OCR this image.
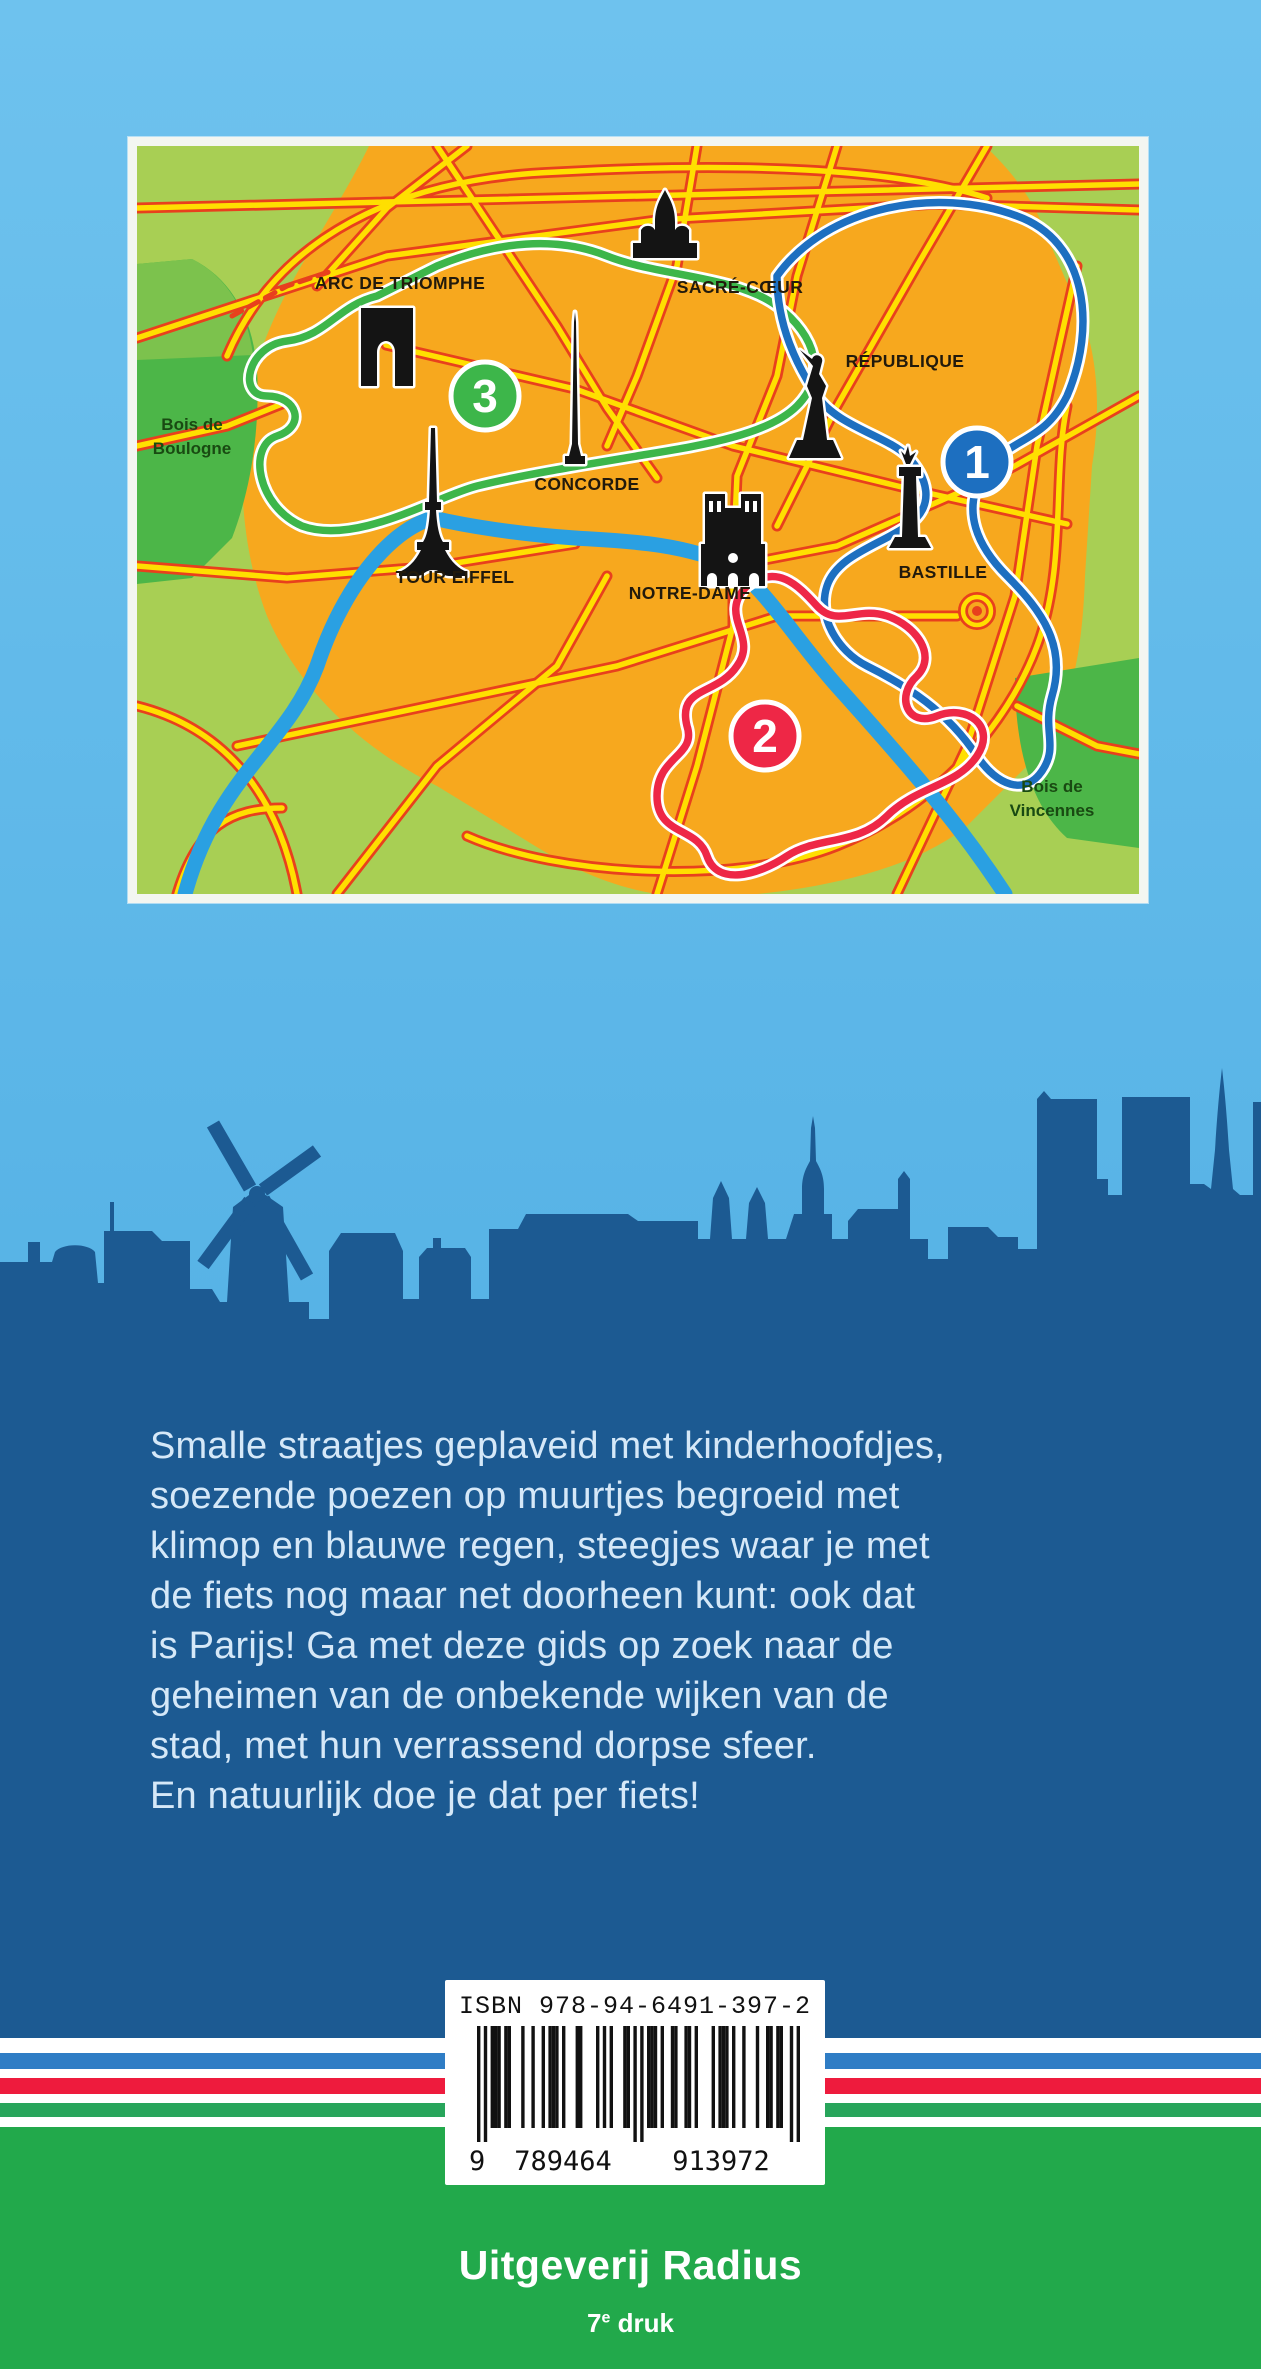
3
1
2
ARC DE TRIOMPHE	SACRÉ-CŒUR
RÉPUBLIQUE
CONCORDE
TOUR EIFFEL
NOTRE-DAME
BASTILLE
Bois de
Boulogne
Bois de
Vincennes
Smalle straatjes geplaveid met kinderhoofdjes,
soezende poezen op muurtjes begroeid met
klimop en blauwe regen, steegjes waar je met
de fiets nog maar net doorheen kunt: ook dat
is Parijs! Ga met deze gids op zoek naar de
geheimen van de onbekende wijken van de
stad, met hun verrassend dorpse sfeer.
En natuurlijk doe je dat per fiets!
Uitgeverij Radius
7e druk
ISBN 978-94-6491-397-2
9 789464 913972
